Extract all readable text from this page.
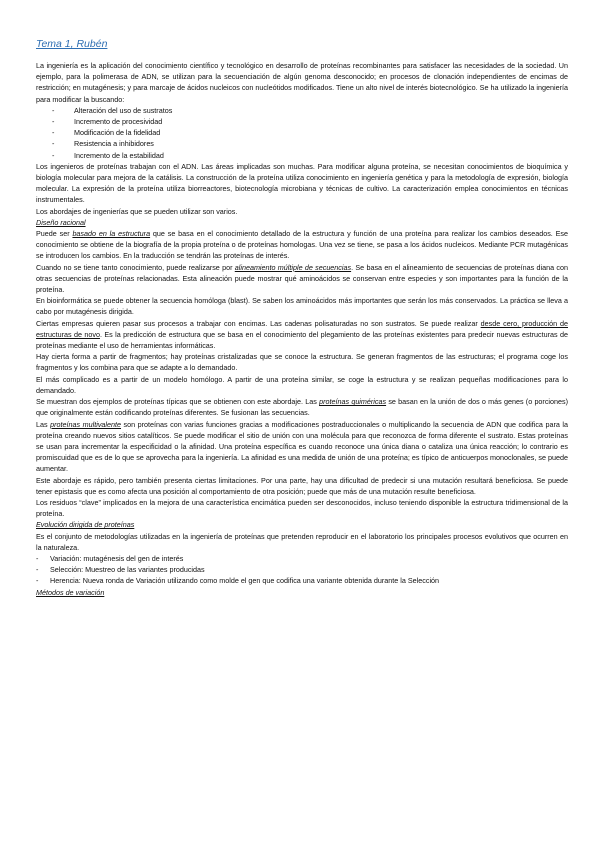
Tema 1, Rubén

La ingeniería es la aplicación del conocimiento científico y tecnológico en desarrollo de proteínas recombinantes para satisfacer las necesidades de la sociedad. Un ejemplo, para la polimerasa de ADN, se utilizan para la secuenciación de algún genoma desconocido; en procesos de clonación independientes de encimas de restricción; en mutagénesis; y para marcaje de ácidos nucleicos con nucleótidos modificados. Tiene un alto nivel de interés biotecnológico. Se ha utilizado la ingeniería para modificar la buscando:

-	Alteración del uso de sustratos
-	Incremento de procesividad
-	Modificación de la fidelidad
-	Resistencia a inhibidores
-	Incremento de la estabilidad

Los ingenieros de proteínas trabajan con el ADN. Las áreas implicadas son muchas. Para modificar alguna proteína, se necesitan conocimientos de bioquímica y biología molecular para mejora de la catálisis. La construcción de la proteína utiliza conocimiento en ingeniería genética y para la metodología de expresión, biología molecular. La expresión de la proteína utiliza biorreactores, biotecnología microbiana y técnicas de cultivo. La caracterización emplea conocimientos en técnicas instrumentales.

Los abordajes de ingenierías que se pueden utilizar son varios.

Diseño racional

Puede ser basado en la estructura que se basa en el conocimiento detallado de la estructura y función de una proteína para realizar los cambios deseados. Ese conocimiento se obtiene de la biografía de la propia proteína o de proteínas homologas. Una vez se tiene, se pasa a los ácidos nucleicos. Mediante PCR mutagénicas se introducen los cambios. En la traducción se tendrán las proteínas de interés.

Cuando no se tiene tanto conocimiento, puede realizarse por alineamiento múltiple de secuencias. Se basa en el alineamiento de secuencias de proteínas diana con otras secuencias de proteínas relacionadas. Esta alineación puede mostrar qué aminoácidos se conservan entre especies y son importantes para la función de la proteína.

En bioinformática se puede obtener la secuencia homóloga (blast). Se saben los aminoácidos más importantes que serán los más conservados. La práctica se lleva a cabo por mutagénesis dirigida.

Ciertas empresas quieren pasar sus procesos a trabajar con encimas. Las cadenas polisaturadas no son sustratos. Se puede realizar desde cero, producción de estructuras de novo. Es la predicción de estructura que se basa en el conocimiento del plegamiento de las proteínas existentes para predecir nuevas estructuras de proteínas mediante el uso de herramientas informáticas.

Hay cierta forma a partir de fragmentos; hay proteínas cristalizadas que se conoce la estructura. Se generan fragmentos de las estructuras; el programa coge los fragmentos y los combina para que se adapte a lo demandado.

El más complicado es a partir de un modelo homólogo. A partir de una proteína similar, se coge la estructura y se realizan pequeñas modificaciones para lo demandado.

Se muestran dos ejemplos de proteínas típicas que se obtienen con este abordaje. Las proteínas quiméricas se basan en la unión de dos o más genes (o porciones) que originalmente están codificando proteínas diferentes. Se fusionan las secuencias.

Las proteínas multivalente son proteínas con varias funciones gracias a modificaciones postraduccionales o multiplicando la secuencia de ADN que codifica para la proteína creando nuevos sitios catalíticos. Se puede modificar el sitio de unión con una molécula para que reconozca de forma diferente el sustrato. Estas proteínas se usan para incrementar la especificidad o la afinidad. Una proteína específica es cuando reconoce una única diana o cataliza una única reacción; lo contrario es promiscuidad que es de lo que se aprovecha para la ingeniería. La afinidad es una medida de unión de una proteína; es típico de anticuerpos monoclonales, se puede aumentar.

Este abordaje es rápido, pero también presenta ciertas limitaciones. Por una parte, hay una dificultad de predecir si una mutación resultará beneficiosa. Se puede tener epistasis que es como afecta una posición al comportamiento de otra posición; puede que más de una mutación resulte beneficiosa.

Los residuos “clave” implicados en la mejora de una característica encimática pueden ser desconocidos, incluso teniendo disponible la estructura tridimensional de la proteína.

Evolución dirigida de proteínas

Es el conjunto de metodologías utilizadas en la ingeniería de proteínas que pretenden reproducir en el laboratorio los principales procesos evolutivos que ocurren en la naturaleza.

- Variación: mutagénesis del gen de interés
- Selección: Muestreo de las variantes producidas
- Herencia: Nueva ronda de Variación utilizando como molde el gen que codifica una variante obtenida durante la Selección

Métodos de variación
